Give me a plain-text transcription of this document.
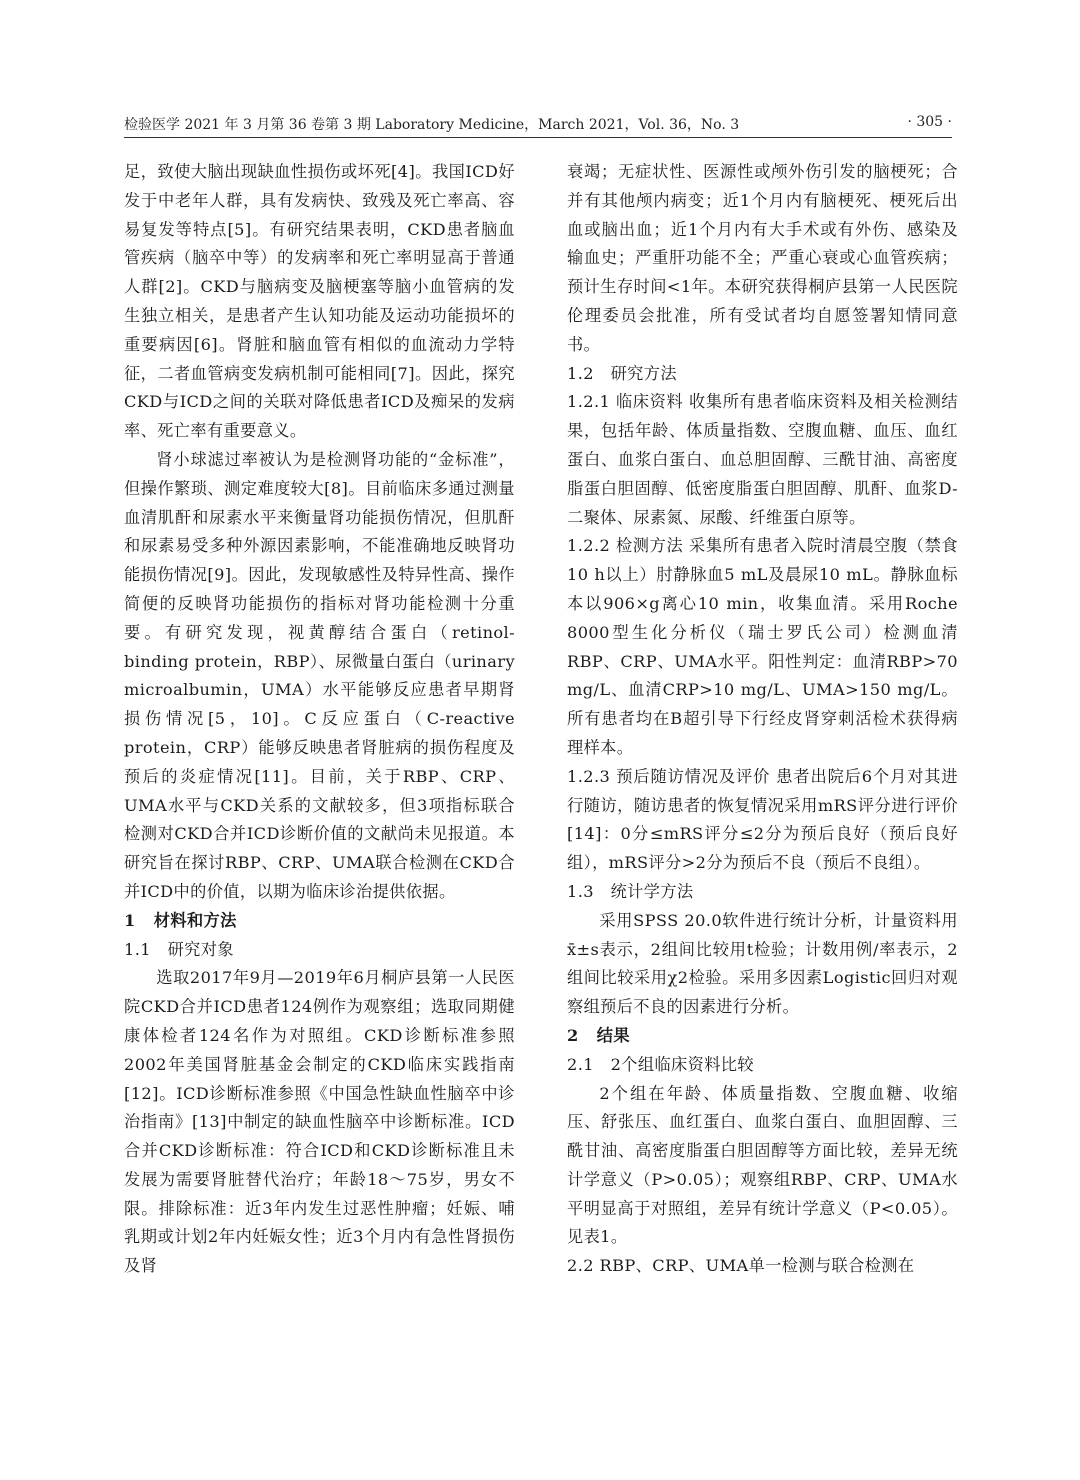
检验医学 2021 年 3 月第 36 卷第 3 期 Laboratory Medicine，March 2021，Vol. 36，No. 3	· 305 ·

足，致使大脑出现缺血性损伤或坏死[4]。我国ICD好发于中老年人群，具有发病快、致残及死亡率高、容易复发等特点[5]。有研究结果表明，CKD患者脑血管疾病（脑卒中等）的发病率和死亡率明显高于普通人群[2]。CKD与脑病变及脑梗塞等脑小血管病的发生独立相关，是患者产生认知功能及运动功能损坏的重要病因[6]。肾脏和脑血管有相似的血流动力学特征，二者血管病变发病机制可能相同[7]。因此，探究CKD与ICD之间的关联对降低患者ICD及痴呆的发病率、死亡率有重要意义。

肾小球滤过率被认为是检测肾功能的“金标准”，但操作繁琐、测定难度较大[8]。目前临床多通过测量血清肌酐和尿素水平来衡量肾功能损伤情况，但肌酐和尿素易受多种外源因素影响，不能准确地反映肾功能损伤情况[9]。因此，发现敏感性及特异性高、操作简便的反映肾功能损伤的指标对肾功能检测十分重要。有研究发现，视黄醇结合蛋白（retinol-binding protein，RBP）、尿微量白蛋白（urinary microalbumin，UMA）水平能够反应患者早期肾损伤情况[5，10]。C反应蛋白（C-reactive protein，CRP）能够反映患者肾脏病的损伤程度及预后的炎症情况[11]。目前，关于RBP、CRP、UMA水平与CKD关系的文献较多，但3项指标联合检测对CKD合并ICD诊断价值的文献尚未见报道。本研究旨在探讨RBP、CRP、UMA联合检测在CKD合并ICD中的价值，以期为临床诊治提供依据。

1   材料和方法
1.1   研究对象

选取2017年9月—2019年6月桐庐县第一人民医院CKD合并ICD患者124例作为观察组；选取同期健康体检者124名作为对照组。CKD诊断标准参照2002年美国肾脏基金会制定的CKD临床实践指南[12]。ICD诊断标准参照《中国急性缺血性脑卒中诊治指南》[13]中制定的缺血性脑卒中诊断标准。ICD合并CKD诊断标准：符合ICD和CKD诊断标准且未发展为需要肾脏替代治疗；年龄18～75岁，男女不限。排除标准：近3年内发生过恶性肿瘤；妊娠、哺乳期或计划2年内妊娠女性；近3个月内有急性肾损伤及肾

衰竭；无症状性、医源性或颅外伤引发的脑梗死；合并有其他颅内病变；近1个月内有脑梗死、梗死后出血或脑出血；近1个月内有大手术或有外伤、感染及输血史；严重肝功能不全；严重心衰或心血管疾病；预计生存时间<1年。本研究获得桐庐县第一人民医院伦理委员会批准，所有受试者均自愿签署知情同意书。

1.2   研究方法

1.2.1 临床资料 收集所有患者临床资料及相关检测结果，包括年龄、体质量指数、空腹血糖、血压、血红蛋白、血浆白蛋白、血总胆固醇、三酰甘油、高密度脂蛋白胆固醇、低密度脂蛋白胆固醇、肌酐、血浆D-二聚体、尿素氮、尿酸、纤维蛋白原等。

1.2.2 检测方法 采集所有患者入院时清晨空腹（禁食10 h以上）肘静脉血5 mL及晨尿10 mL。静脉血标本以906×g离心10 min，收集血清。采用Roche 8000型生化分析仪（瑞士罗氏公司）检测血清RBP、CRP、UMA水平。阳性判定：血清RBP>70 mg/L、血清CRP>10 mg/L、UMA>150 mg/L。所有患者均在B超引导下行经皮肾穿刺活检术获得病理样本。

1.2.3 预后随访情况及评价 患者出院后6个月对其进行随访，随访患者的恢复情况采用mRS评分进行评价[14]：0分≤mRS评分≤2分为预后良好（预后良好组），mRS评分>2分为预后不良（预后不良组）。

1.3   统计学方法

采用SPSS 20.0软件进行统计分析，计量资料用x̄±s表示，2组间比较用t检验；计数用例/率表示，2组间比较采用χ2检验。采用多因素Logistic回归对观察组预后不良的因素进行分析。

2   结果
2.1   2个组临床资料比较

2个组在年龄、体质量指数、空腹血糖、收缩压、舒张压、血红蛋白、血浆白蛋白、血胆固醇、三酰甘油、高密度脂蛋白胆固醇等方面比较，差异无统计学意义（P>0.05）；观察组RBP、CRP、UMA水平明显高于对照组，差异有统计学意义（P<0.05）。见表1。

2.2 RBP、CRP、UMA单一检测与联合检测在
